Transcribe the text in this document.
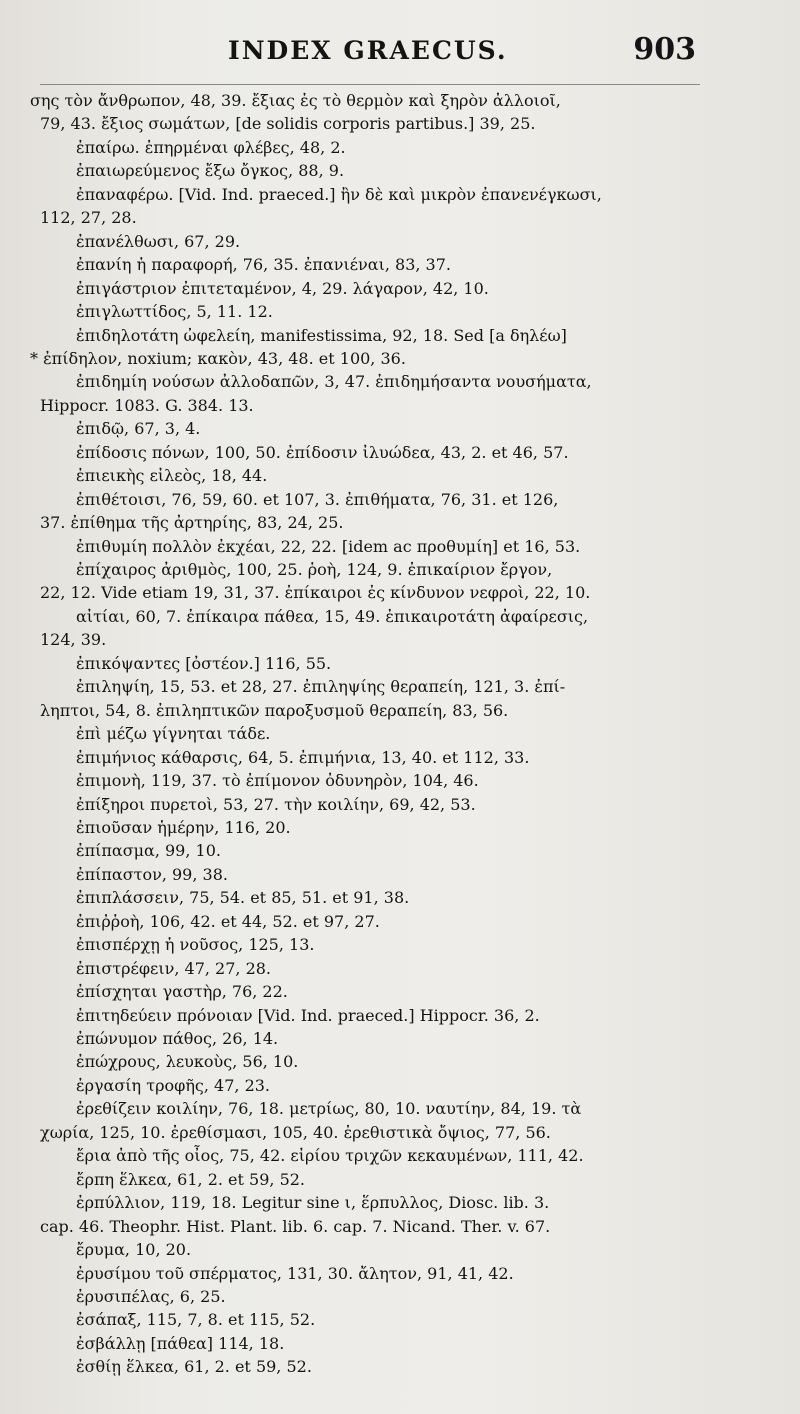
INDEX GRAECUS.	903
σης τὸν ἄνθρωπον, 48, 39. ἔξιας ἐς τὸ θερμὸν καὶ ξηρὸν ἀλλοιοῖ,
79, 43. ἔξιος σωμάτων, [de solidis corporis partibus.] 39, 25.
ἐπαίρω. ἐπηρμέναι φλέβες, 48, 2.
ἐπαιωρεύμενος ἔξω ὄγκος, 88, 9.
ἐπαναφέρω. [Vid. Ind. praeced.] ἢν δὲ καὶ μικρὸν ἐπανενέγκωσι,
112, 27, 28.
ἐπανέλθωσι, 67, 29.
ἐπανίη ἡ παραφορή, 76, 35. ἐπανιέναι, 83, 37.
ἐπιγάστριον ἐπιτεταμένον, 4, 29. λάγαρον, 42, 10.
ἐπιγλωττίδος, 5, 11. 12.
ἐπιδηλοτάτη ὠφελείη, manifestissima, 92, 18. Sed [a δηλέω]
* ἐπίδηλον, noxium; κακὸν, 43, 48. et 100, 36.
ἐπιδημίη νούσων ἀλλοδαπῶν, 3, 47. ἐπιδημήσαντα νουσήματα,
Hippocr. 1083. G. 384. 13.
ἐπιδῷ, 67, 3, 4.
ἐπίδοσις πόνων, 100, 50. ἐπίδοσιν ἰλυώδεα, 43, 2. et 46, 57.
ἐπιεικὴς εἰλεὸς, 18, 44.
ἐπιθέτοισι, 76, 59, 60. et 107, 3. ἐπιθήματα, 76, 31. et 126,
37. ἐπίθημα τῆς ἀρτηρίης, 83, 24, 25.
ἐπιθυμίη πολλὸν ἐκχέαι, 22, 22. [idem ac προθυμίη] et 16, 53.
ἐπίχαιρος ἀριθμὸς, 100, 25. ῥοὴ, 124, 9. ἐπικαίριον ἔργον,
22, 12. Vide etiam 19, 31, 37. ἐπίκαιροι ἐς κίνδυνον νεφροὶ, 22, 10.
αἰτίαι, 60, 7. ἐπίκαιρα πάθεα, 15, 49. ἐπικαιροτάτη ἀφαίρεσις,
124, 39.
ἐπικόψαντες [ὀστέον.] 116, 55.
ἐπιληψίη, 15, 53. et 28, 27. ἐπιληψίης θεραπείη, 121, 3. ἐπί-
ληπτοι, 54, 8. ἐπιληπτικῶν παροξυσμοῦ θεραπείη, 83, 56.
ἐπὶ μέζω γίγνηται τάδε.
ἐπιμήνιος κάθαρσις, 64, 5. ἐπιμήνια, 13, 40. et 112, 33.
ἐπιμονὴ, 119, 37. τὸ ἐπίμονον ὀδυνηρὸν, 104, 46.
ἐπίξηροι πυρετοὶ, 53, 27. τὴν κοιλίην, 69, 42, 53.
ἐπιοῦσαν ἡμέρην, 116, 20.
ἐπίπασμα, 99, 10.
ἐπίπαστον, 99, 38.
ἐπιπλάσσειν, 75, 54. et 85, 51. et 91, 38.
ἐπιῤῥοὴ, 106, 42. et 44, 52. et 97, 27.
ἐπισπέρχῃ ἡ νοῦσος, 125, 13.
ἐπιστρέφειν, 47, 27, 28.
ἐπίσχηται γαστὴρ, 76, 22.
ἐπιτηδεύειν πρόνοιαν [Vid. Ind. praeced.] Hippocr. 36, 2.
ἐπώνυμον πάθος, 26, 14.
ἐπώχρους, λευκοὺς, 56, 10.
ἐργασίη τροφῆς, 47, 23.
ἐρεθίζειν κοιλίην, 76, 18. μετρίως, 80, 10. ναυτίην, 84, 19. τὰ
χωρία, 125, 10. ἐρεθίσμασι, 105, 40. ἐρεθιστικὰ ὄψιος, 77, 56.
ἔρια ἀπὸ τῆς οἶος, 75, 42. εἰρίου τριχῶν κεκαυμένων, 111, 42.
ἔρπη ἕλκεα, 61, 2. et 59, 52.
ἐρπύλλιον, 119, 18. Legitur sine ι, ἕρπυλλος, Diosc. lib. 3.
cap. 46. Theophr. Hist. Plant. lib. 6. cap. 7. Nicand. Ther. v. 67.
ἔρυμα, 10, 20.
ἐρυσίμου τοῦ σπέρματος, 131, 30. ἄλητον, 91, 41, 42.
ἐρυσιπέλας, 6, 25.
ἐσάπαξ, 115, 7, 8. et 115, 52.
ἐσβάλλῃ [πάθεα] 114, 18.
ἐσθίῃ ἕλκεα, 61, 2. et 59, 52.
